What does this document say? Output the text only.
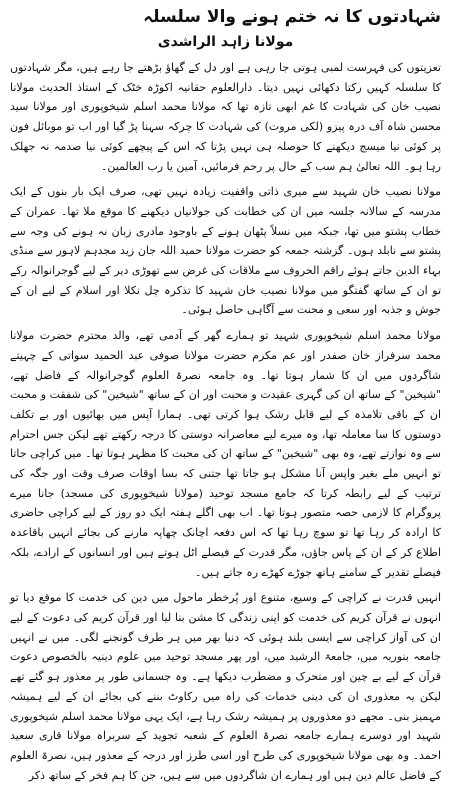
شہادتوں کا نہ ختم ہونے والا سلسلہ
مولانا زاہد الراشدی

تعزیتوں کی فہرست لمبی ہوتی جا رہی ہے اور دل کے گھاؤ بڑھتے جا رہے ہیں، مگر شہادتوں کا سلسلہ کہیں رکتا دکھائی نہیں دیتا۔ دارالعلوم حقانیہ اکوڑہ خٹک کے استاذ الحدیث مولانا نصیب خان کی شہادت کا غم ابھی تازہ تھا کہ مولانا محمد اسلم شیخوپوری اور مولانا سید محسن شاہ آف درہ پیزو (لکی مروت) کی شہادت کا چرکہ سہنا پڑ گیا اور اب تو موبائل فون پر کوئی نیا میسج دیکھنے کا حوصلہ ہی نہیں پڑتا کہ اس کے پیچھے کوئی نیا صدمہ نہ جھلک رہا ہو۔ اللہ تعالیٰ ہم سب کے حال پر رحم فرمائیں، آمین یا رب العالمین۔

مولانا نصیب خان شہید سے میری ذاتی واقفیت زیادہ نہیں تھی، صرف ایک بار بنوں کے ایک مدرسہ کے سالانہ جلسہ میں ان کی خطابت کی جولانیاں دیکھنے کا موقع ملا تھا۔ عمران کے خطاب پشتو میں تھا، جبکہ میں نسلاً پٹھان ہونے کے باوجود مادری زبان نہ ہونے کی وجہ سے پشتو سے نابلد ہوں۔ گزشتہ جمعہ کو حضرت مولانا حمید اللہ جان زید مجدہم لاہور سے منڈی بہاء الدین جاتے ہوئے راقم الحروف سے ملاقات کی غرض سے تھوڑی دیر کے لیے گوجرانوالہ رکے تو ان کے ساتھ گفتگو میں مولانا نصیب خان شہید کا تذکرہ چل نکلا اور اسلام کے لیے ان کے جوش و جذبہ اور سعی و محنت سے آگاہی حاصل ہوئی۔

مولانا محمد اسلم شیخوپوری شہید تو ہمارے گھر کے آدمی تھے، والد محترم حضرت مولانا محمد سرفراز خان صفدر اور عم مکرم حضرت مولانا صوفی عبد الحمید سواتی کے چہیتے شاگردوں میں ان کا شمار ہوتا تھا۔ وہ جامعہ نصرۃ العلوم گوجرانوالہ کے فاضل تھے، "شیخین" کے ساتھ ان کی گہری عقیدت و محبت اور ان کے ساتھ "شیخین" کی شفقت و محبت ان کے باقی تلامذہ کے لیے قابل رشک ہوا کرتی تھی۔ ہمارا آپس میں بھائیوں اور بے تکلف دوستوں کا سا معاملہ تھا، وہ میرے لیے معاصرانہ دوستی کا درجہ رکھتے تھے لیکن جس احترام سے وہ نوازتے تھے، وہ بھی "شیخین" کے ساتھ ان کی محبت کا مظہر ہوتا تھا۔ میں کراچی جاتا تو انہیں ملے بغیر واپس آنا مشکل ہو جاتا تھا جتنی کہ بسا اوقات صرف وقت اور جگہ کی ترتیب کے لیے رابطہ کرتا کہ جامع مسجد توحید (مولانا شیخوپوری کی مسجد) جانا میرے پروگرام کا لازمی حصہ متصور ہوتا تھا۔ اب بھی اگلے ہفتہ ایک دو روز کے لیے کراچی حاضری کا ارادہ کر رہا تھا تو سوچ رہا تھا کہ اس دفعہ اچانک چھاپہ مارنے کی بجائے انہیں باقاعدہ اطلاع کر کے ان کے پاس جاؤں، مگر قدرت کے فیصلے اٹل ہوتے ہیں اور انسانوں کے ارادے، بلکہ فیصلے تقدیر کے سامنے ہاتھ جوڑے کھڑے رہ جاتے ہیں۔

انہیں قدرت نے کراچی کے وسیع، متنوع اور پُرخطر ماحول میں دین کی خدمت کا موقع دیا تو انہوں نے قرآن کریم کی خدمت کو اپنی زندگی کا مشن بنا لیا اور قرآن کریم کی دعوت کے لیے ان کی آواز کراچی سے ایسی بلند ہوئی کہ دنیا بھر میں ہر طرف گونجنے لگی۔ میں نے انہیں جامعہ بنوریہ میں، جامعۃ الرشید میں، اور پھر مسجد توحید میں علوم دینیہ بالخصوص دعوت قرآن کے لیے بے چین اور متحرک و مضطرب دیکھا ہے۔ وہ جسمانی طور پر معذور ہو گئے تھے لیکن یہ معذوری ان کی دینی خدمات کی راہ میں رکاوٹ بننے کی بجائے ان کے لیے ہمیشہ مہمیز بنی۔ مجھے دو معذوروں پر ہمیشہ رشک رہا ہے، ایک یہی مولانا محمد اسلم شیخوپوری شہید اور دوسرے ہمارے جامعہ نصرۃ العلوم کے شعبہ تجوید کے سربراہ مولانا قاری سعید احمد۔ وہ بھی مولانا شیخوپوری کی طرح اور اسی طرز اور درجہ کے معذور ہیں، نصرۃ العلوم کے فاضل عالم دین ہیں اور ہمارے ان شاگردوں میں سے ہیں، جن کا ہم فخر کے ساتھ ذکر
